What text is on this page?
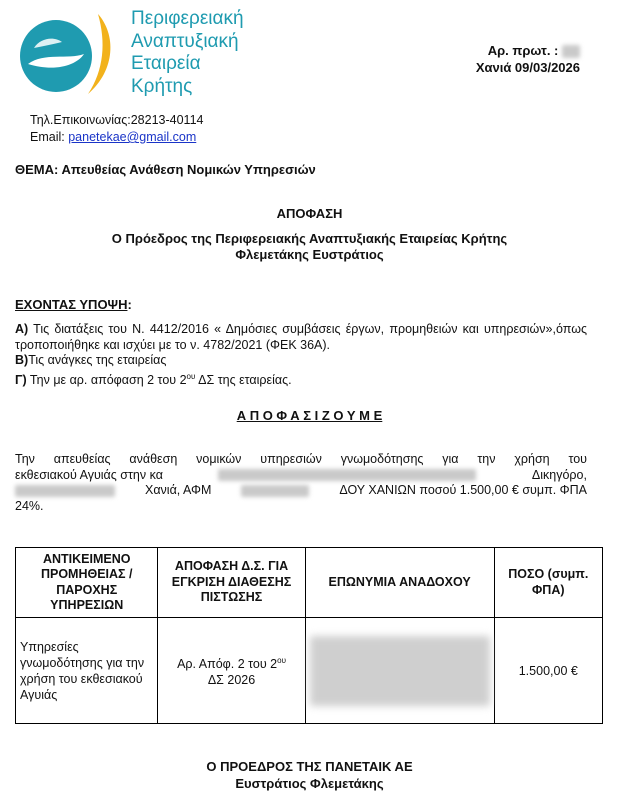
Περιφερειακή
Αναπτυξιακή
Εταιρεία
Κρήτης
Τηλ.Επικοινωνίας:28213-40114
Email: panetekae@gmail.com
Αρ. πρωτ. :
Χανιά 09/03/2026
ΘΕΜΑ: Απευθείας Ανάθεση Νομικών Υπηρεσιών
ΑΠΟΦΑΣΗ
Ο Πρόεδρος της Περιφερειακής Αναπτυξιακής Εταιρείας Κρήτης
Φλεμετάκης Ευστράτιος
ΕΧΟΝΤΑΣ ΥΠΟΨΗ:

Α) Τις διατάξεις του Ν. 4412/2016 « Δημόσιες συμβάσεις έργων, προμηθειών και υπηρεσιών»,όπως τροποποιήθηκε και ισχύει με το ν. 4782/2021 (ΦΕΚ 36Α).

Β)Τις ανάγκες της εταιρείας

Γ) Την με αρ. απόφαση 2 του $2^{o\upsilon}$ ΔΣ της εταιρείας.

Α Π Ο Φ Α Σ Ι Ζ Ο Υ Μ Ε
Την απευθείας ανάθεση νομικών υπηρεσιών γνωμοδότησης για την χρήση του
εκθεσιακού Αγυιάς στην κα	Δικηγόρο,
Χανιά, ΑΦΜ	ΔΟΥ ΧΑΝΙΩΝ ποσού 1.500,00 € συμπ. ΦΠΑ
24%.
ΑΝΤΙΚΕΙΜΕΝΟ ΠΡΟΜΗΘΕΙΑΣ / ΠΑΡΟΧΗΣ ΥΠΗΡΕΣΙΩΝ	ΑΠΟΦΑΣΗ Δ.Σ. ΓΙΑ ΕΓΚΡΙΣΗ ΔΙΑΘΕΣΗΣ ΠΙΣΤΩΣΗΣ	ΕΠΩΝΥΜΙΑ ΑΝΑΔΟΧΟΥ	ΠΟΣΟ (συμπ. ΦΠΑ)
Υπηρεσίες γνωμοδότησης για την χρήση του εκθεσιακού Αγυιάς	Αρ. Απόφ. 2 του $2^{o\upsilon}$
ΔΣ 2026		1.500,00 €
Ο ΠΡΟΕΔΡΟΣ ΤΗΣ ΠΑΝΕΤΑΙΚ ΑΕ
Ευστράτιος Φλεμετάκης
